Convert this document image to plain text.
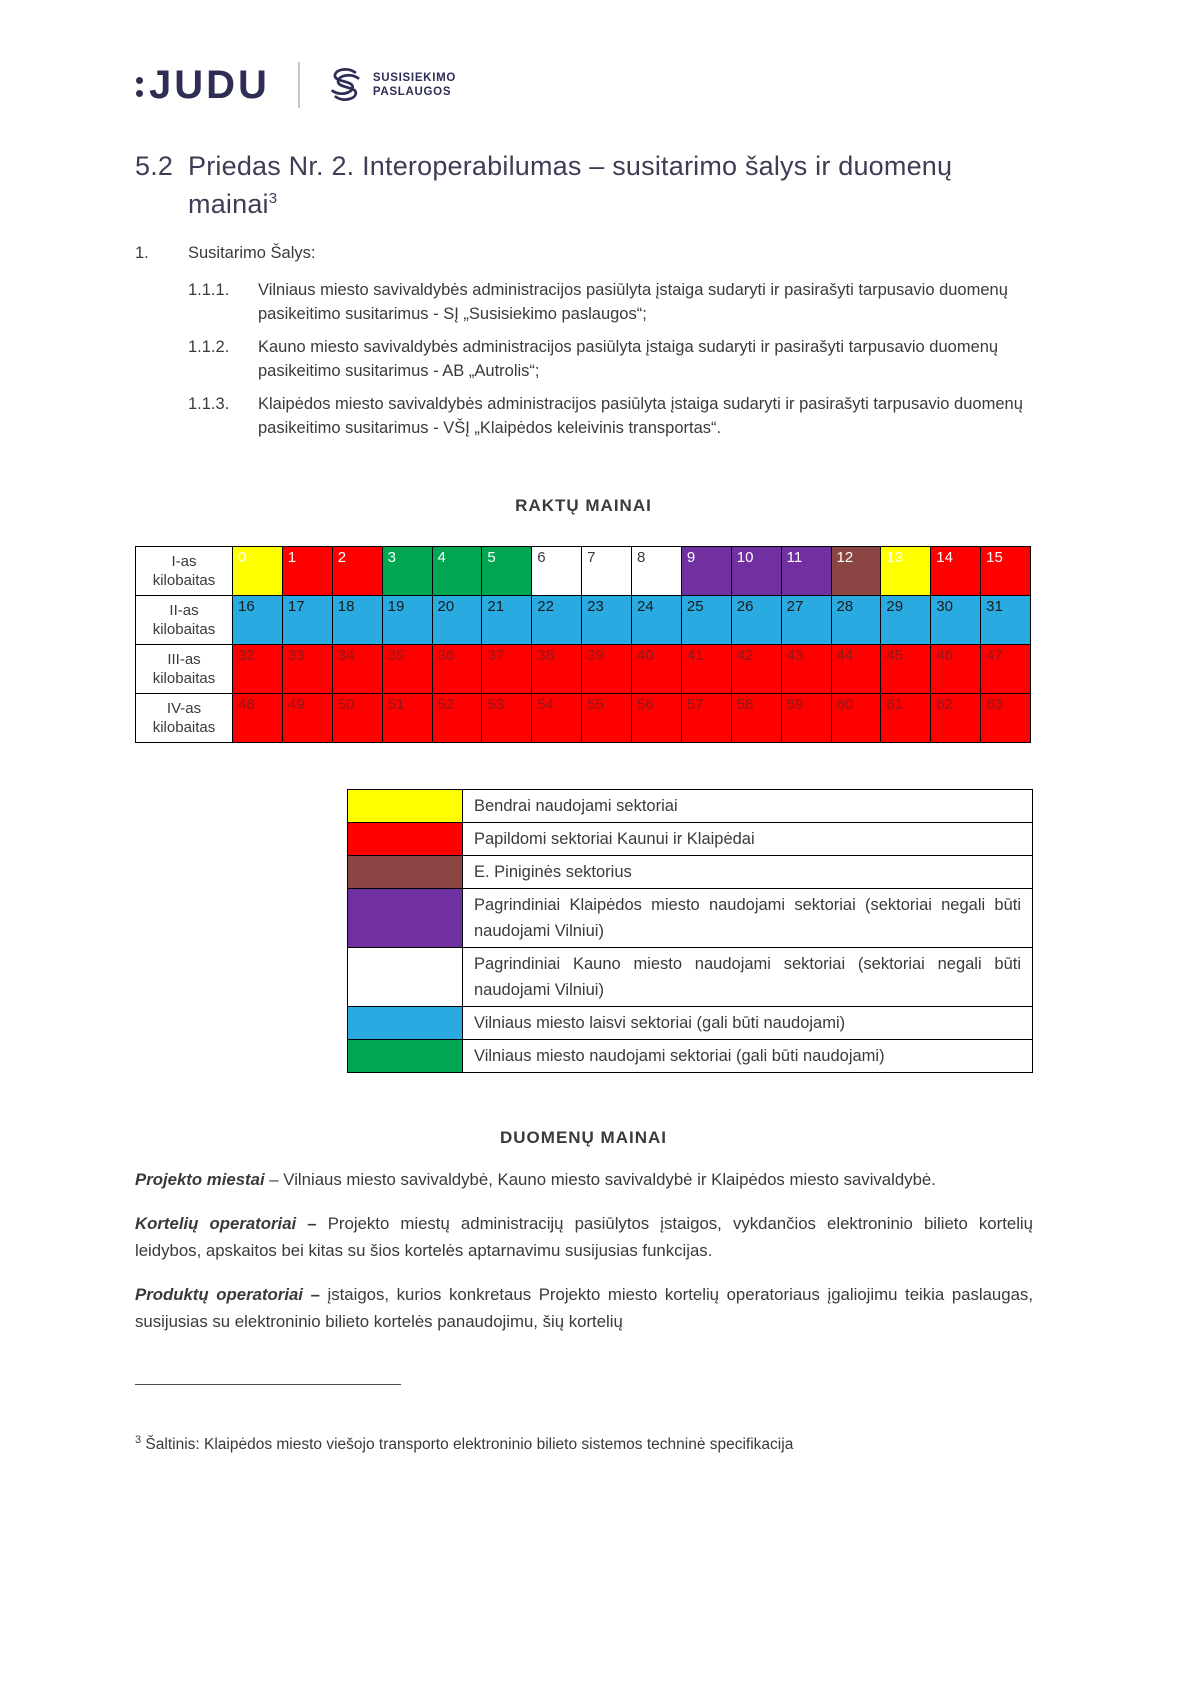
JUDU	SUSISIEKIMO
PASLAUGOS
5.2 Priedas Nr. 2. Interoperabilumas – susitarimo šalys ir duomenų mainai$^3$
1.	Susitarimo Šalys:
1.1.1.	Vilniaus miesto savivaldybės administracijos pasiūlyta įstaiga sudaryti ir pasirašyti tarpusavio duomenų pasikeitimo susitarimus - SĮ „Susisiekimo paslaugos“;
1.1.2.	Kauno miesto savivaldybės administracijos pasiūlyta įstaiga sudaryti ir pasirašyti tarpusavio duomenų pasikeitimo susitarimus - AB „Autrolis“;
1.1.3.	Klaipėdos miesto savivaldybės administracijos pasiūlyta įstaiga sudaryti ir pasirašyti tarpusavio duomenų pasikeitimo susitarimus - VŠĮ „Klaipėdos keleivinis transportas“.
RAKTŲ MAINAI
I-as kilobaitas	0	1	2	3	4	5	6	7	8	9	10	11	12	13	14	15
II-as kilobaitas	16	17	18	19	20	21	22	23	24	25	26	27	28	29	30	31
III-as kilobaitas	32	33	34	35	36	37	38	39	40	41	42	43	44	45	46	47
IV-as kilobaitas	48	49	50	51	52	53	54	55	56	57	58	59	60	61	62	63
	Bendrai naudojami sektoriai
	Papildomi sektoriai Kaunui ir Klaipėdai
	E. Piniginės sektorius
	Pagrindiniai Klaipėdos miesto naudojami sektoriai (sektoriai negali būti naudojami Vilniui)
	Pagrindiniai Kauno miesto naudojami sektoriai (sektoriai negali būti naudojami Vilniui)
	Vilniaus miesto laisvi sektoriai (gali būti naudojami)
	Vilniaus miesto naudojami sektoriai (gali būti naudojami)
DUOMENŲ MAINAI

Projekto miestai – Vilniaus miesto savivaldybė, Kauno miesto savivaldybė ir Klaipėdos miesto savivaldybė.

Kortelių operatoriai – Projekto miestų administracijų pasiūlytos įstaigos, vykdančios elektroninio bilieto kortelių leidybos, apskaitos bei kitas su šios kortelės aptarnavimu susijusias funkcijas.

Produktų operatoriai – įstaigos, kurios konkretaus Projekto miesto kortelių operatoriaus įgaliojimu teikia paslaugas, susijusias su elektroninio bilieto kortelės panaudojimu, šių kortelių

$^3$ Šaltinis: Klaipėdos miesto viešojo transporto elektroninio bilieto sistemos techninė specifikacija
